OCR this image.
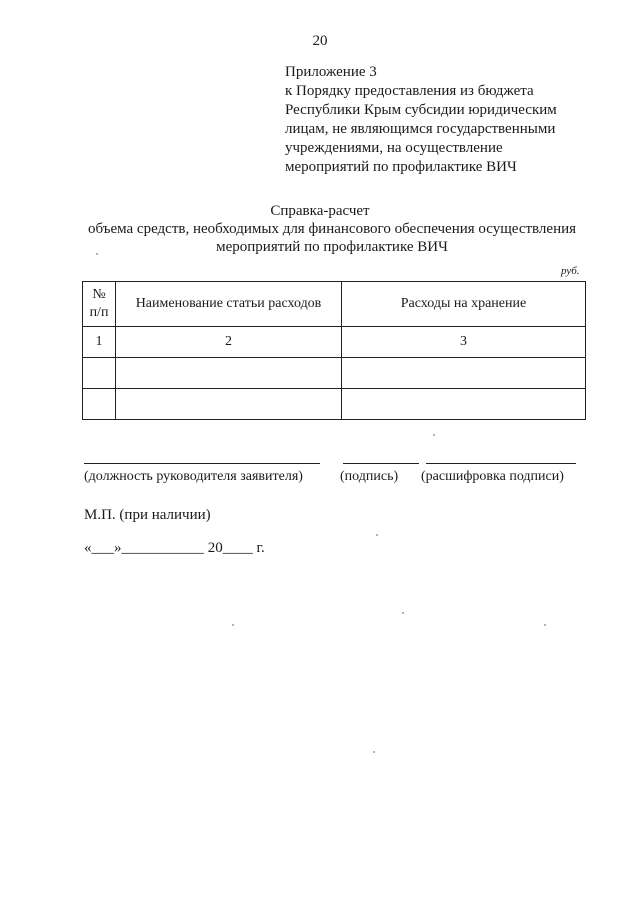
20
Приложение 3
к Порядку предоставления из бюджета
Республики Крым субсидии юридическим
лицам, не являющимся государственными
учреждениями, на осуществление
мероприятий по профилактике ВИЧ
Справка-расчет
объема средств, необходимых для финансового обеспечения осуществления
мероприятий по профилактике ВИЧ
руб.
№
п/п	Наименование статьи расходов	Расходы на хранение
1	2	3

(должность руководителя заявителя)	(подпись) (расшифровка подписи)
М.П. (при наличии)
«___»___________ 20____ г.
